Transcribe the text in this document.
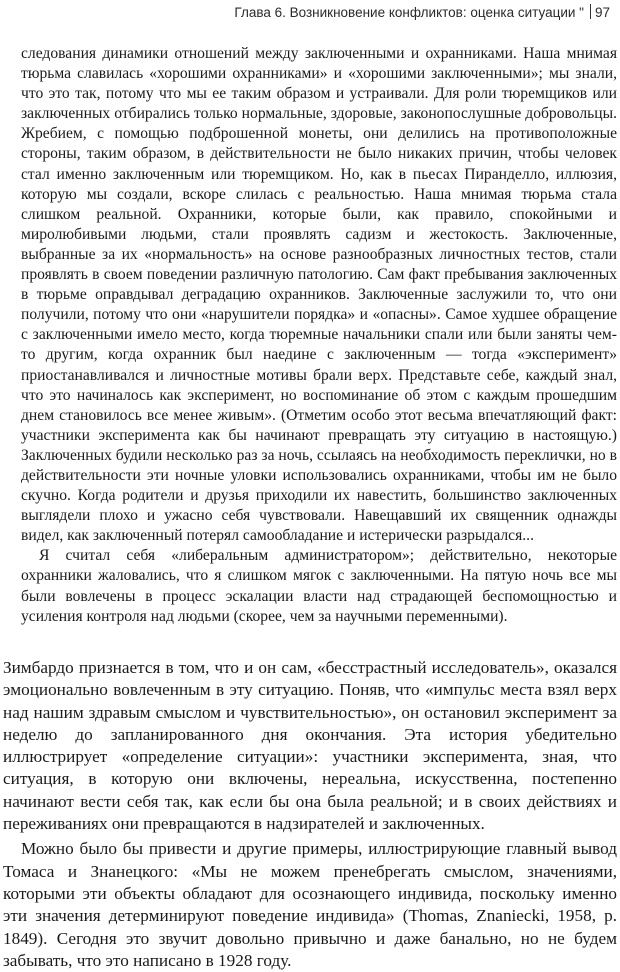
Глава 6. Возникновение конфликтов: оценка ситуации " 97

следования динамики отношений между заключенными и охранниками. Наша мнимая тюрьма славилась «хорошими охранниками» и «хорошими заключенными»; мы знали, что это так, потому что мы ее таким образом и устраивали. Для роли тюремщиков или заключенных отбирались только нормальные, здоровые, законопослушные добровольцы. Жребием, с помощью подброшенной монеты, они делились на противоположные стороны, таким образом, в действительности не было никаких причин, чтобы человек стал именно заключенным или тюремщиком. Но, как в пьесах Пиранделло, иллюзия, которую мы создали, вскоре слилась с реальностью. Наша мнимая тюрьма стала слишком реальной. Охранники, которые были, как правило, спокойными и миролюбивыми людьми, стали проявлять садизм и жестокость. Заключенные, выбранные за их «нормальность» на основе разнообразных личностных тестов, стали проявлять в своем поведении различную патологию. Сам факт пребывания заключенных в тюрьме оправдывал деградацию охранников. Заключенные заслужили то, что они получили, потому что они «нарушители порядка» и «опасны». Самое худшее обращение с заключенными имело место, когда тюремные начальники спали или были заняты чем-то другим, когда охранник был наедине с заключенным — тогда «эксперимент» приостанавливался и личностные мотивы брали верх. Представьте себе, каждый знал, что это начиналось как эксперимент, но воспоминание об этом с каждым прошедшим днем становилось все менее живым». (Отметим особо этот весьма впечатляющий факт: участники эксперимента как бы начинают превращать эту ситуацию в настоящую.) Заключенных будили несколько раз за ночь, ссылаясь на необходимость переклички, но в действительности эти ночные уловки использовались охранниками, чтобы им не было скучно. Когда родители и друзья приходили их навестить, большинство заключенных выглядели плохо и ужасно себя чувствовали. Навещавший их священник однажды видел, как заключенный потерял самообладание и истерически разрыдался...

Я считал себя «либеральным администратором»; действительно, некоторые охранники жаловались, что я слишком мягок с заключенными. На пятую ночь все мы были вовлечены в процесс эскалации власти над страдающей беспомощностью и усиления контроля над людьми (скорее, чем за научными переменными).

Зимбардо признается в том, что и он сам, «бесстрастный исследователь», оказался эмоционально вовлеченным в эту ситуацию. Поняв, что «импульс места взял верх над нашим здравым смыслом и чувствительностью», он остановил эксперимент за неделю до запланированного дня окончания. Эта история убедительно иллюстрирует «определение ситуации»: участники эксперимента, зная, что ситуация, в которую они включены, нереальна, искусственна, постепенно начинают вести себя так, как если бы она была реальной; и в своих действиях и переживаниях они превращаются в надзирателей и заключенных.

Можно было бы привести и другие примеры, иллюстрирующие главный вывод Томаса и Знанецкого: «Мы не можем пренебрегать смыслом, значениями, которыми эти объекты обладают для осознающего индивида, поскольку именно эти значения детерминируют поведение индивида» (Thomas, Znaniecki, 1958, p. 1849). Сегодня это звучит довольно привычно и даже банально, но не будем забывать, что это написано в 1928 году.
